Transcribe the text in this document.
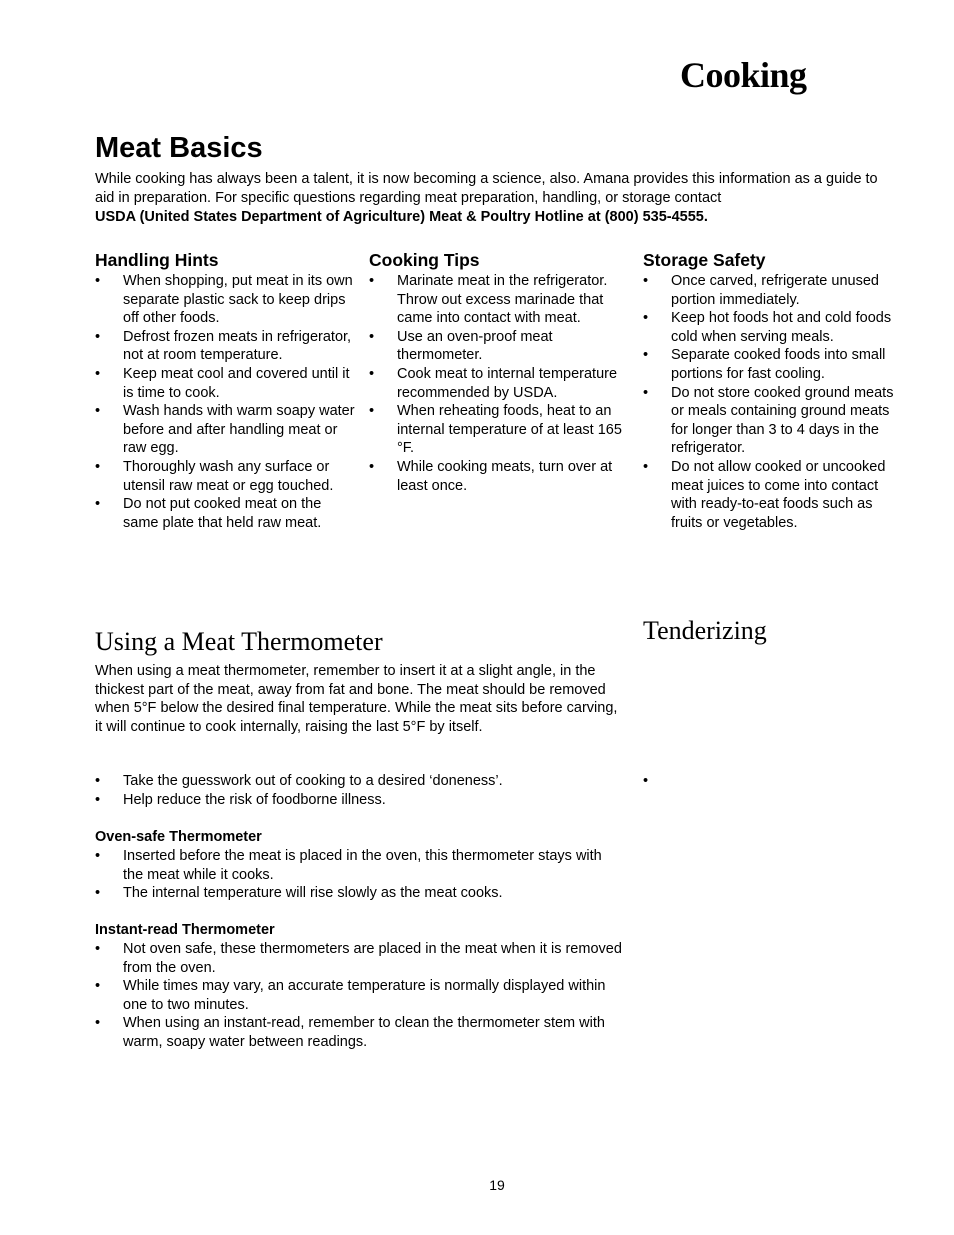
Cooking
Meat Basics
While cooking has always been a talent, it is now becoming a science, also. Amana provides this information as a guide to aid in preparation. For specific questions regarding meat preparation, handling, or storage contact
USDA (United States Department of Agriculture) Meat & Poultry Hotline at (800) 535-4555.
Handling Hints
• When shopping, put meat in its own separate plastic sack to keep drips off other foods.
• Defrost frozen meats in refrigerator, not at room temperature.
• Keep meat cool and covered until it is time to cook.
• Wash hands with warm soapy water before and after handling meat or raw egg.
• Thoroughly wash any surface or utensil raw meat or egg touched.
• Do not put cooked meat on the same plate that held raw meat.
Cooking Tips
• Marinate meat in the refrigerator. Throw out excess marinade that came into contact with meat.
• Use an oven-proof meat thermometer.
• Cook meat to internal temperature recommended by USDA.
• When reheating foods, heat to an internal temperature of at least 165 °F.
• While cooking meats, turn over at least once.
Storage Safety
• Once carved, refrigerate unused portion immediately.
• Keep hot foods hot and cold foods cold when serving meals.
• Separate cooked foods into small portions for fast cooling.
• Do not store cooked ground meats or meals containing ground meats for longer than 3 to 4 days in the refrigerator.
• Do not allow cooked or uncooked meat juices to come into contact with ready-to-eat foods such as fruits or vegetables.
Using a Meat Thermometer
When using a meat thermometer, remember to insert it at a slight angle, in the thickest part of the meat, away from fat and bone. The meat should be removed when 5°F below the desired final temperature. While the meat sits before carving, it will continue to cook internally, raising the last 5°F by itself.
• Take the guesswork out of cooking to a desired ‘doneness’.
• Help reduce the risk of foodborne illness.
Oven-safe Thermometer
• Inserted before the meat is placed in the oven, this thermometer stays with the meat while it cooks.
• The internal temperature will rise slowly as the meat cooks.
Instant-read Thermometer
• Not oven safe, these thermometers are placed in the meat when it is removed from the oven.
• While times may vary, an accurate temperature is normally displayed within one to two minutes.
• When using an instant-read, remember to clean the thermometer stem with warm, soapy water between readings.
Tenderizing
•
19
